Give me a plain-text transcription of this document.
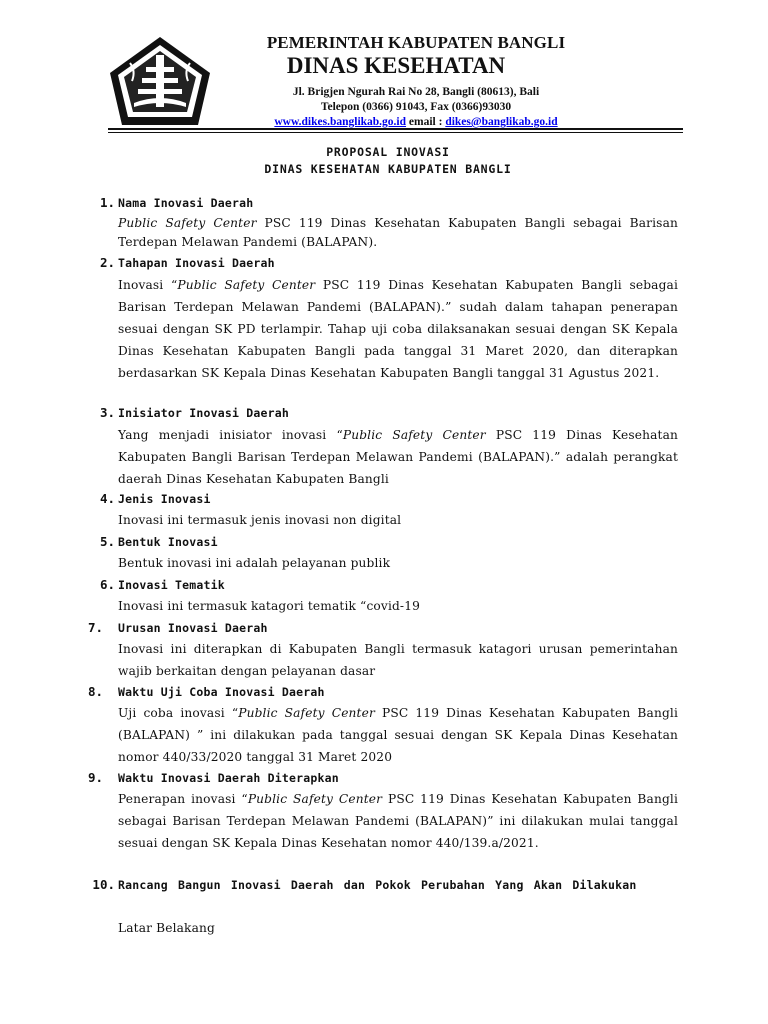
PEMERINTAH KABUPATEN BANGLI
DINAS KESEHATAN
Jl. Brigjen Ngurah Rai No 28, Bangli (80613), Bali
Telepon (0366) 91043, Fax (0366)93030
www.dikes.banglikab.go.id email : dikes@banglikab.go.id
PROPOSAL INOVASI
DINAS KESEHATAN KABUPATEN BANGLI
1. Nama Inovasi Daerah
Public Safety Center PSC 119 Dinas Kesehatan Kabupaten Bangli sebagai Barisan Terdepan Melawan Pandemi (BALAPAN).
2. Tahapan Inovasi Daerah
Inovasi “Public Safety Center PSC 119 Dinas Kesehatan Kabupaten Bangli sebagai Barisan Terdepan Melawan Pandemi (BALAPAN).” sudah dalam tahapan penerapan sesuai dengan SK PD terlampir. Tahap uji coba dilaksanakan sesuai dengan SK Kepala Dinas Kesehatan Kabupaten Bangli pada tanggal 31 Maret 2020, dan diterapkan berdasarkan SK Kepala Dinas Kesehatan Kabupaten Bangli tanggal 31 Agustus 2021.
3. Inisiator Inovasi Daerah
Yang menjadi inisiator inovasi “Public Safety Center PSC 119 Dinas Kesehatan Kabupaten Bangli Barisan Terdepan Melawan Pandemi (BALAPAN).” adalah perangkat daerah Dinas Kesehatan Kabupaten Bangli
4. Jenis Inovasi
Inovasi ini termasuk jenis inovasi non digital
5. Bentuk Inovasi
Bentuk inovasi ini adalah pelayanan publik
6. Inovasi Tematik
Inovasi ini termasuk katagori tematik “covid-19
7.	Urusan Inovasi Daerah
Inovasi ini diterapkan di Kabupaten Bangli termasuk katagori urusan pemerintahan wajib berkaitan dengan pelayanan dasar
8.	Waktu Uji Coba Inovasi Daerah
Uji coba inovasi “Public Safety Center PSC 119 Dinas Kesehatan Kabupaten Bangli (BALAPAN) ” ini dilakukan pada tanggal sesuai dengan SK Kepala Dinas Kesehatan nomor 440/33/2020 tanggal 31 Maret 2020
9.	Waktu Inovasi Daerah Diterapkan
Penerapan inovasi “Public Safety Center PSC 119 Dinas Kesehatan Kabupaten Bangli sebagai Barisan Terdepan Melawan Pandemi (BALAPAN)” ini dilakukan mulai tanggal sesuai dengan SK Kepala Dinas Kesehatan nomor 440/139.a/2021.
10. Rancang Bangun Inovasi Daerah dan Pokok Perubahan Yang Akan Dilakukan
Latar Belakang
